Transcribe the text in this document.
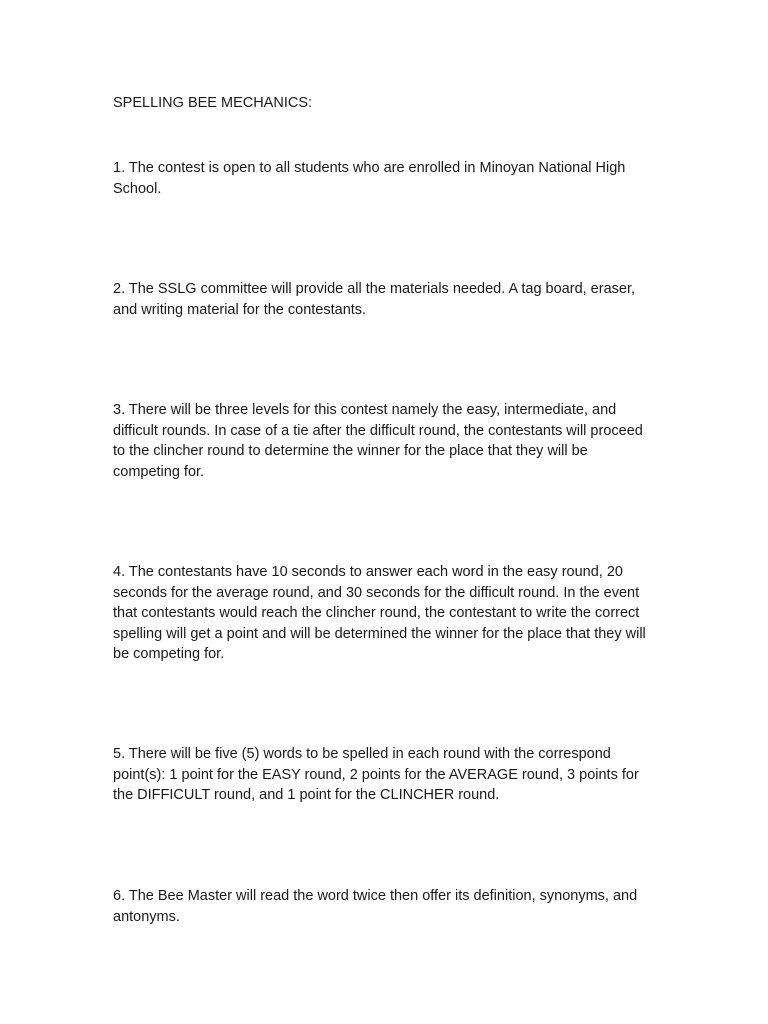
SPELLING BEE MECHANICS:

1. The contest is open to all students who are enrolled in Minoyan National High School.

2. The SSLG committee will provide all the materials needed. A tag board, eraser, and writing material for the contestants.

3. There will be three levels for this contest namely the easy, intermediate, and difficult rounds. In case of a tie after the difficult round, the contestants will proceed to the clincher round to determine the winner for the place that they will be competing for.

4. The contestants have 10 seconds to answer each word in the easy round, 20 seconds for the average round, and 30 seconds for the difficult round. In the event that contestants would reach the clincher round, the contestant to write the correct spelling will get a point and will be determined the winner for the place that they will be competing for.

5. There will be five (5) words to be spelled in each round with the correspond point(s): 1 point for the EASY round, 2 points for the AVERAGE round, 3 points for the DIFFICULT round, and 1 point for the CLINCHER round.

6. The Bee Master will read the word twice then offer its definition, synonyms, and antonyms.
